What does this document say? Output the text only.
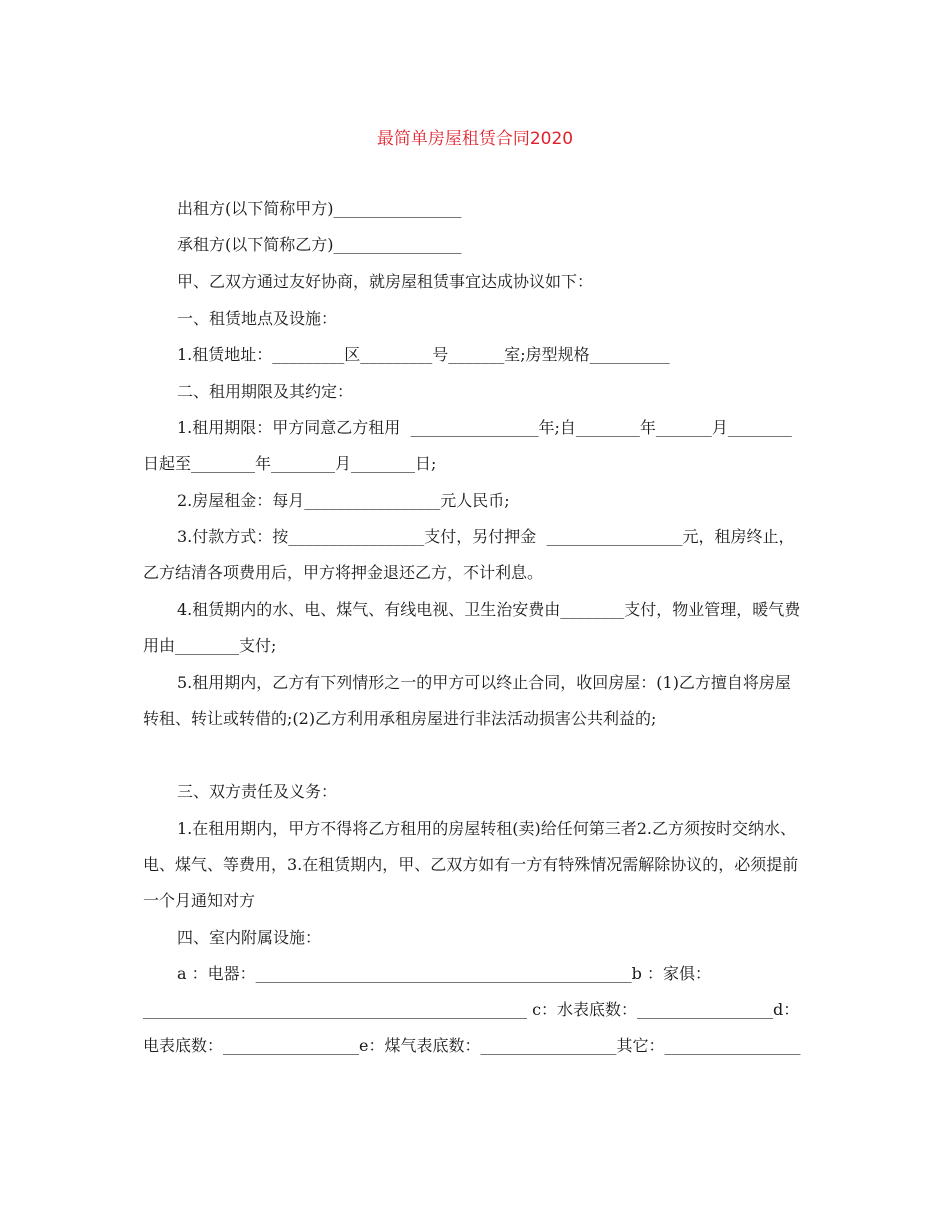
最简单房屋租赁合同2020
出租方(以下简称甲方)________________
承租方(以下简称乙方)________________
甲、乙双方通过友好协商，就房屋租赁事宜达成协议如下：
一、租赁地点及设施：
1.租赁地址：_________区_________号_______室;房型规格__________
二、租用期限及其约定：
1.租用期限：甲方同意乙方租用  ________________年;自________年_______月________日起至________年________月________日;
2.房屋租金：每月_________________元人民币;
3.付款方式：按_________________支付，另付押金  _________________元，租房终止，乙方结清各项费用后，甲方将押金退还乙方，不计利息。
4.租赁期内的水、电、煤气、有线电视、卫生治安费由________支付，物业管理，暖气费用由________支付;
5.租用期内，乙方有下列情形之一的甲方可以终止合同，收回房屋：(1)乙方擅自将房屋转租、转让或转借的;(2)乙方利用承租房屋进行非法活动损害公共利益的;
三、双方责任及义务：
1.在租用期内，甲方不得将乙方租用的房屋转租(卖)给任何第三者2.乙方须按时交纳水、电、煤气、等费用，3.在租赁期内，甲、乙双方如有一方有特殊情况需解除协议的，必须提前一个月通知对方
四、室内附属设施：
a ：电器：_______________________________________________b ：家俱：________________________________________________ c：水表底数：_________________d：电表底数：_________________e：煤气表底数：_________________其它：_________________
